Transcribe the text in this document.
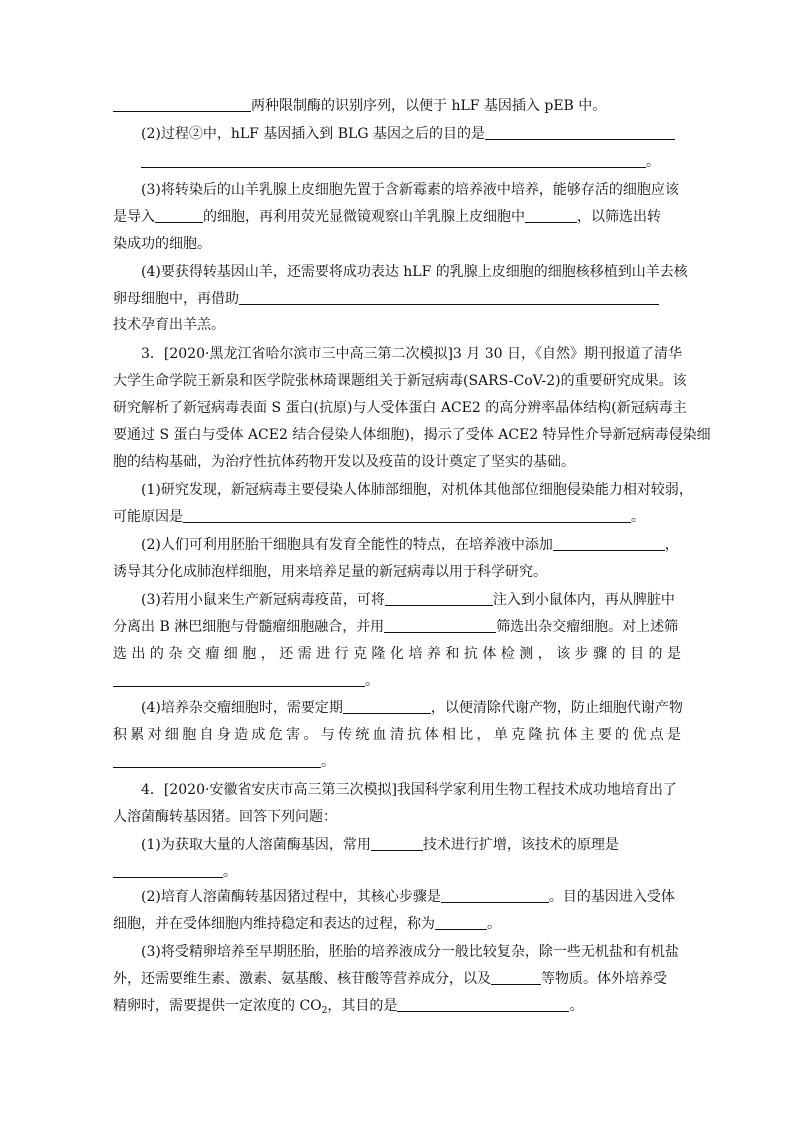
两种限制酶的识别序列，以便于 hLF 基因插入 pEB 中。
(2)过程②中，hLF 基因插入到 BLG 基因之后的目的是
。
(3)将转染后的山羊乳腺上皮细胞先置于含新霉素的培养液中培养，能够存活的细胞应该
是导入	的细胞，再利用荧光显微镜观察山羊乳腺上皮细胞中	，以筛选出转
染成功的细胞。
(4)要获得转基因山羊，还需要将成功表达 hLF 的乳腺上皮细胞的细胞核移植到山羊去核
卵母细胞中，再借助
技术孕育出羊羔。
3．[2020·黑龙江省哈尔滨市三中高三第二次模拟]3 月 30 日，《自然》期刊报道了清华
大学生命学院王新泉和医学院张林琦课题组关于新冠病毒(SARS-CoV-2)的重要研究成果。该
研究解析了新冠病毒表面 S 蛋白(抗原)与人受体蛋白 ACE2 的高分辨率晶体结构(新冠病毒主
要通过 S 蛋白与受体 ACE2 结合侵染人体细胞)，揭示了受体 ACE2 特异性介导新冠病毒侵染细
胞的结构基础，为治疗性抗体药物开发以及疫苗的设计奠定了坚实的基础。
(1)研究发现，新冠病毒主要侵染人体肺部细胞，对机体其他部位细胞侵染能力相对较弱，
可能原因是	。
(2)人们可利用胚胎干细胞具有发育全能性的特点，在培养液中添加	，
诱导其分化成肺泡样细胞，用来培养足量的新冠病毒以用于科学研究。
(3)若用小鼠来生产新冠病毒疫苗，可将	注入到小鼠体内，再从脾脏中
分离出 B 淋巴细胞与骨髓瘤细胞融合，并用	筛选出杂交瘤细胞。对上述筛
选出的杂交瘤细胞，还需进行克隆化培养和抗体检测，该步骤的目的是
。
(4)培养杂交瘤细胞时，需要定期	，以便清除代谢产物，防止细胞代谢产物
积累对细胞自身造成危害。与传统血清抗体相比，单克隆抗体主要的优点是
。
4．[2020·安徽省安庆市高三第三次模拟]我国科学家利用生物工程技术成功地培育出了
人溶菌酶转基因猪。回答下列问题：
(1)为获取大量的人溶菌酶基因，常用	技术进行扩增，该技术的原理是
。
(2)培育人溶菌酶转基因猪过程中，其核心步骤是	。目的基因进入受体
细胞，并在受体细胞内维持稳定和表达的过程，称为	。
(3)将受精卵培养至早期胚胎，胚胎的培养液成分一般比较复杂，除一些无机盐和有机盐
外，还需要维生素、激素、氨基酸、核苷酸等营养成分，以及	等物质。体外培养受
精卵时，需要提供一定浓度的 $CO_2$，其目的是	。
